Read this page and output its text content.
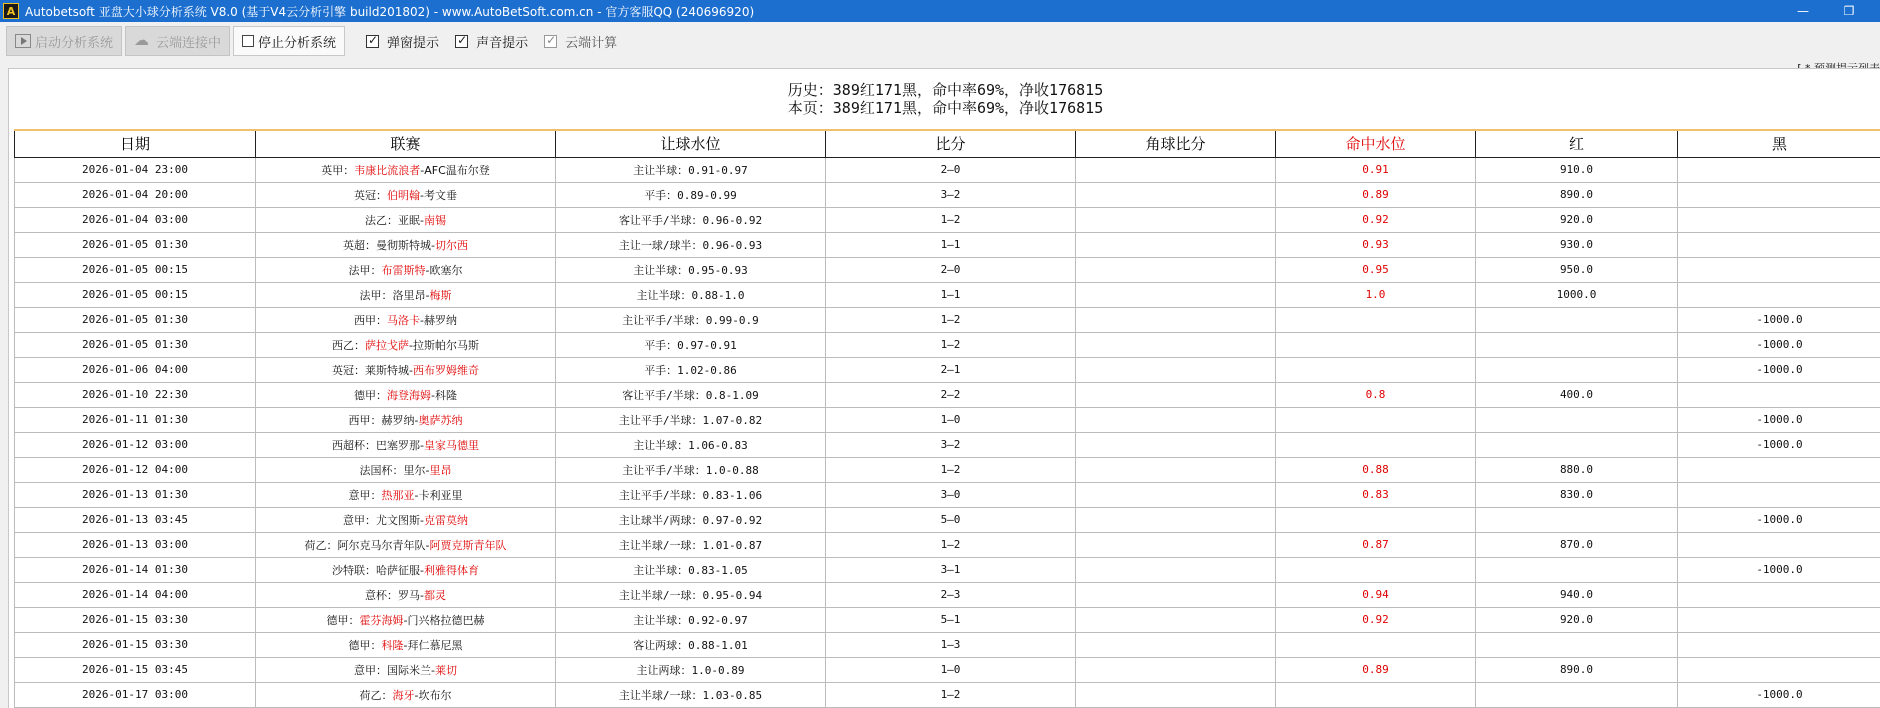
A Autobetsoft 亚盘大小球分析系统 V8.0 (基于V4云分析引擎 build201802) - www.AutoBetSoft.com.cn - 官方客服QQ (240696920)	—	❐
启动分析系统 ☁	云端连接中	停止分析系统 ✓	弹窗提示 ✓	声音提示 ✓	云端计算
历史：389红171黑，命中率69%，净收176815
本页：389红171黑，命中率69%，净收176815
日期	联赛	让球水位	比分	角球比分	命中水位	红	黑
2026-01-04 23:00	英甲：韦康比流浪者-AFC温布尔登	主让半球：0.91-0.97	2—0		0.91	910.0	
2026-01-04 20:00	英冠：伯明翰-考文垂	平手：0.89-0.99	3—2		0.89	890.0	
2026-01-04 03:00	法乙：亚眠-南锡	客让平手/半球：0.96-0.92	1—2		0.92	920.0	
2026-01-05 01:30	英超：曼彻斯特城-切尔西	主让一球/球半：0.96-0.93	1—1		0.93	930.0	
2026-01-05 00:15	法甲：布雷斯特-欧塞尔	主让半球：0.95-0.93	2—0		0.95	950.0	
2026-01-05 00:15	法甲：洛里昂-梅斯	主让半球：0.88-1.0	1—1		1.0	1000.0	
2026-01-05 01:30	西甲：马洛卡-赫罗纳	主让平手/半球：0.99-0.9	1—2				-1000.0
2026-01-05 01:30	西乙：萨拉戈萨-拉斯帕尔马斯	平手：0.97-0.91	1—2				-1000.0
2026-01-06 04:00	英冠：莱斯特城-西布罗姆维奇	平手：1.02-0.86	2—1				-1000.0
2026-01-10 22:30	德甲：海登海姆-科隆	客让平手/半球：0.8-1.09	2—2		0.8	400.0	
2026-01-11 01:30	西甲：赫罗纳-奥萨苏纳	主让平手/半球：1.07-0.82	1—0				-1000.0
2026-01-12 03:00	西超杯：巴塞罗那-皇家马德里	主让半球：1.06-0.83	3—2				-1000.0
2026-01-12 04:00	法国杯：里尔-里昂	主让平手/半球：1.0-0.88	1—2		0.88	880.0	
2026-01-13 01:30	意甲：热那亚-卡利亚里	主让平手/半球：0.83-1.06	3—0		0.83	830.0	
2026-01-13 03:45	意甲：尤文图斯-克雷莫纳	主让球半/两球：0.97-0.92	5—0				-1000.0
2026-01-13 03:00	荷乙：阿尔克马尔青年队-阿贾克斯青年队	主让半球/一球：1.01-0.87	1—2		0.87	870.0	
2026-01-14 01:30	沙特联：哈萨征服-利雅得体育	主让半球：0.83-1.05	3—1				-1000.0
2026-01-14 04:00	意杯：罗马-都灵	主让半球/一球：0.95-0.94	2—3		0.94	940.0	
2026-01-15 03:30	德甲：霍芬海姆-门兴格拉德巴赫	主让半球：0.92-0.97	5—1		0.92	920.0	
2026-01-15 03:30	德甲：科隆-拜仁慕尼黑	客让两球：0.88-1.01	1—3				
2026-01-15 03:45	意甲：国际米兰-莱切	主让两球：1.0-0.89	1—0		0.89	890.0	
2026-01-17 03:00	荷乙：海牙-坎布尔	主让半球/一球：1.03-0.85	1—2				-1000.0
